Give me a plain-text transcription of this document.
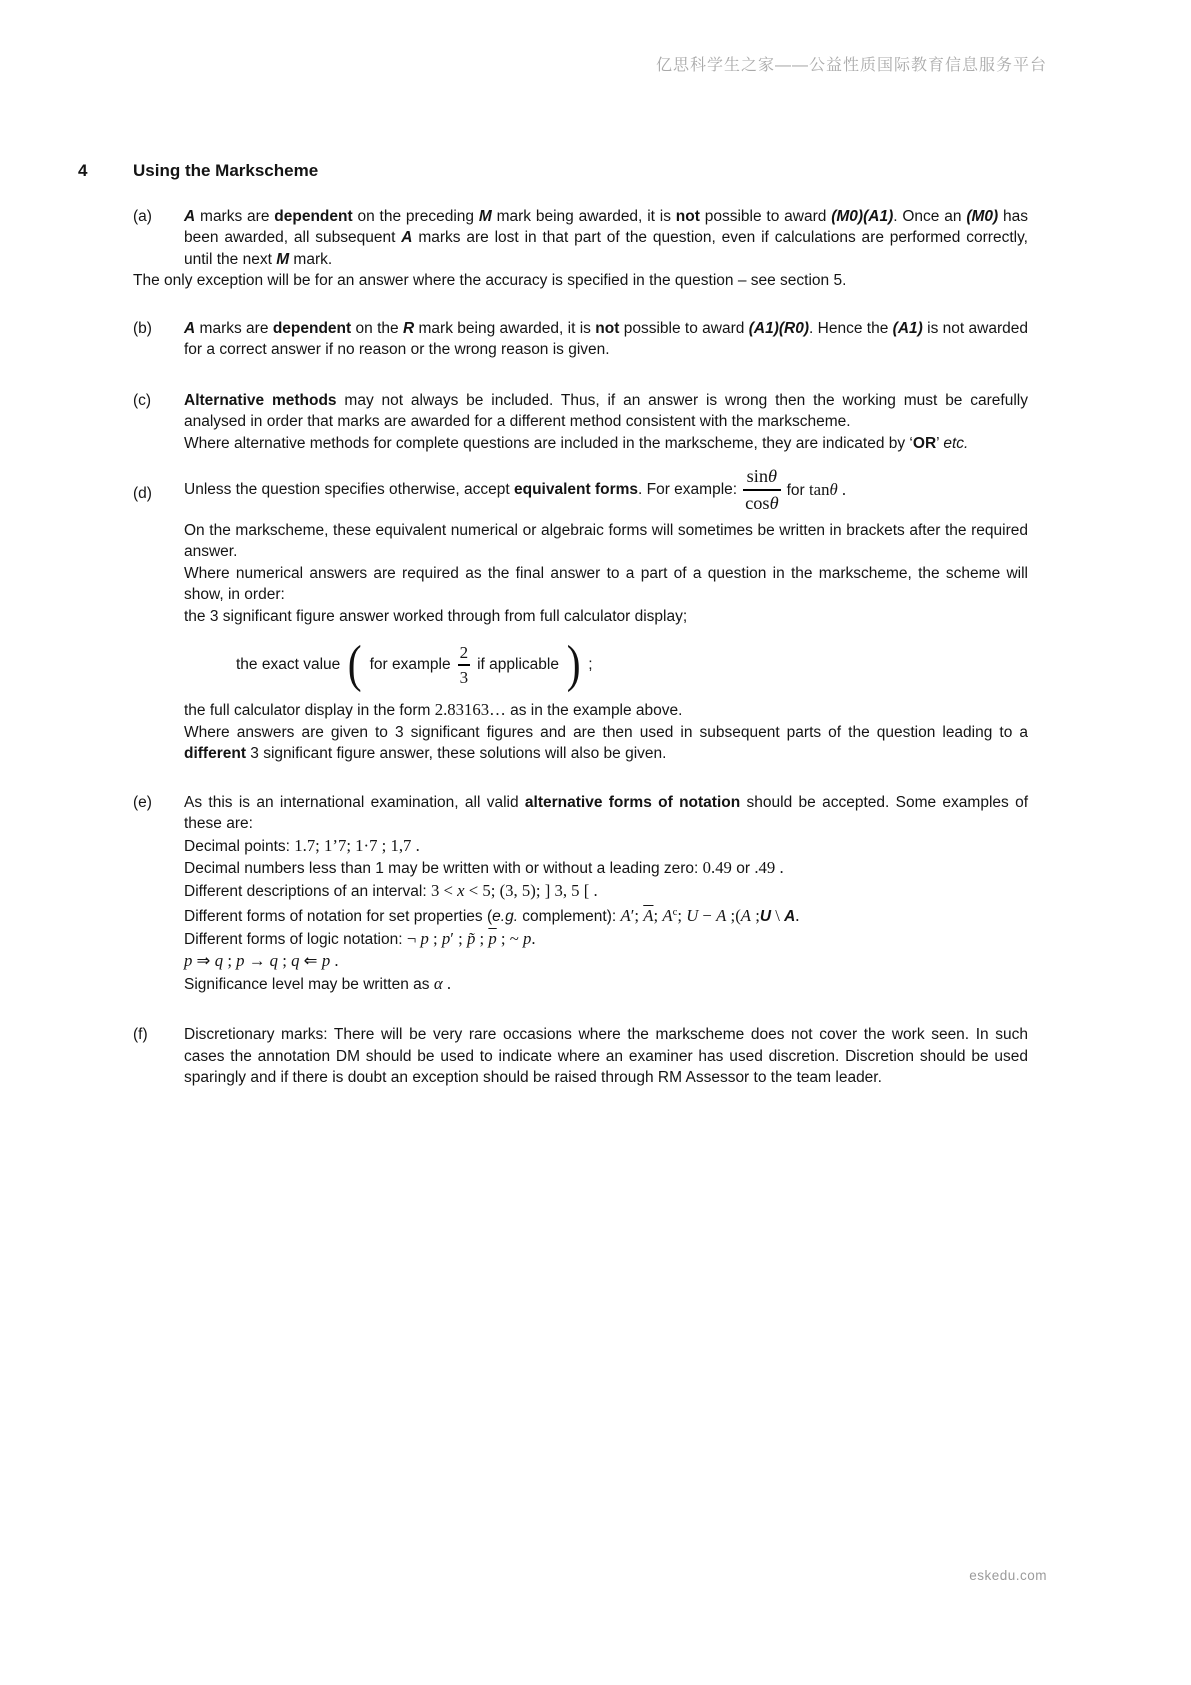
亿思科学生之家——公益性质国际教育信息服务平台
4	Using the Markscheme
(a)	A marks are dependent on the preceding M mark being awarded, it is not possible to award (M0)(A1). Once an (M0) has been awarded, all subsequent A marks are lost in that part of the question, even if calculations are performed correctly, until the next M mark.

The only exception will be for an answer where the accuracy is specified in the question – see section 5.

(b)	A marks are dependent on the R mark being awarded, it is not possible to award (A1)(R0). Hence the (A1) is not awarded for a correct answer if no reason or the wrong reason is given.

(c)	Alternative methods may not always be included. Thus, if an answer is wrong then the working must be carefully analysed in order that marks are awarded for a different method consistent with the markscheme.

Where alternative methods for complete questions are included in the markscheme, they are indicated by ‘OR’ etc.

(d)	Unless the question specifies otherwise, accept equivalent forms. For example: $\frac{\sin\theta}{\cos\theta}$ for tanθ .

On the markscheme, these equivalent numerical or algebraic forms will sometimes be written in brackets after the required answer.

Where numerical answers are required as the final answer to a part of a question in the markscheme, the scheme will show, in order:

the 3 significant figure answer worked through from full calculator display;

the exact value ( for example $\frac{2}{3}$ if applicable ) ;

the full calculator display in the form 2.83163… as in the example above.

Where answers are given to 3 significant figures and are then used in subsequent parts of the question leading to a different 3 significant figure answer, these solutions will also be given.

(e)	As this is an international examination, all valid alternative forms of notation should be accepted. Some examples of these are:

Decimal points: 1.7; 1’7; 1·7 ; 1,7 .

Decimal numbers less than 1 may be written with or without a leading zero: 0.49 or .49 .

Different descriptions of an interval: 3 < x < 5; (3, 5); ] 3, 5 [ .

Different forms of notation for set properties (e.g. complement): A′; $\overline{A}$; $A^c$; U − A ;(A ;U \ A.

Different forms of logic notation: ¬ p ; p′ ; p̃ ; $\overline{p}$ ; ~ p.

p ⇒ q ; p → q ; q ⇐ p .

Significance level may be written as α .

(f)	Discretionary marks: There will be very rare occasions where the markscheme does not cover the work seen. In such cases the annotation DM should be used to indicate where an examiner has used discretion. Discretion should be used sparingly and if there is doubt an exception should be raised through RM Assessor to the team leader.

eskedu.com
